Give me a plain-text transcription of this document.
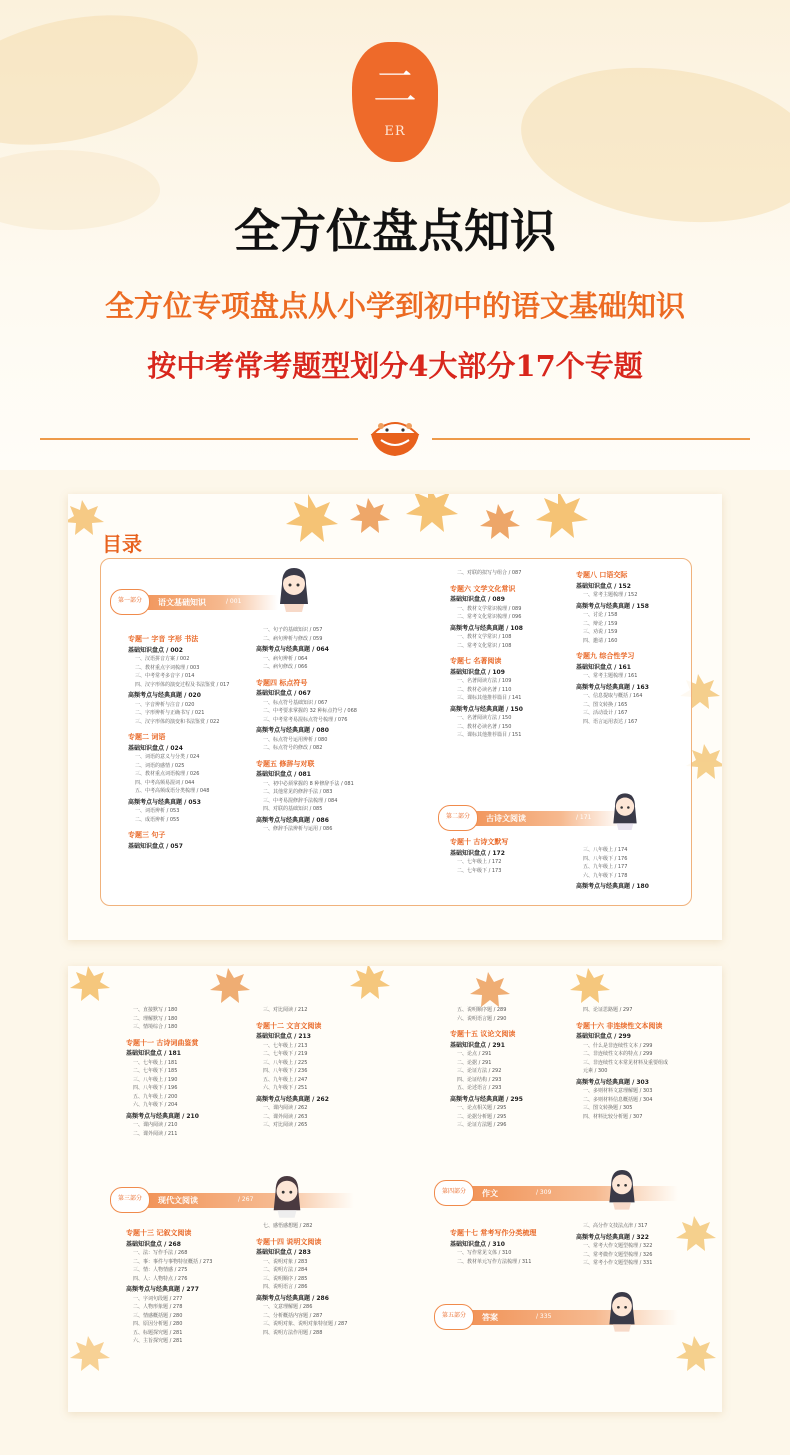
二
ER
全方位盘点知识
全方位专项盘点从小学到初中的语文基础知识
按中考常考题型划分4大部分17个专题
目录
第一部分	语文基础知识	/ 001
专题一 字音 字形 书法
基础知识盘点 / 002
一、汉语拼音方案 / 002
二、教材重点字词梳理 / 003
三、中考常考多音字 / 014
四、汉字形体的演变过程及书法鉴赏 / 017
高频考点与经典真题 / 020
一、字音辨析与注音 / 020
二、字形辨析与正确书写 / 021
三、汉字形体的演变和书法鉴赏 / 022
专题二 词语
基础知识盘点 / 024
一、词语的意义与分类 / 024
二、词语的感情 / 025
三、教材重点词语梳理 / 026
四、中考高频易混词 / 044
五、中考高频成语分类梳理 / 048
高频考点与经典真题 / 053
一、词语辨析 / 053
二、成语辨析 / 055
专题三 句子
基础知识盘点 / 057
一、句子的基础知识 / 057
二、病句辨析与修改 / 059
高频考点与经典真题 / 064
一、病句辨析 / 064
二、病句修改 / 066
专题四 标点符号
基础知识盘点 / 067
一、标点符号基础知识 / 067
二、中考要求掌握的 32 种标点符号 / 068
三、中考常考易混标点符号梳理 / 076
高频考点与经典真题 / 080
一、标点符号运用辨析 / 080
二、标点符号的修改 / 082
专题五 修辞与对联
基础知识盘点 / 081
一、初中必须掌握的 8 种修辞手法 / 081
二、其他常见的修辞手法 / 083
三、中考易混修辞手法梳理 / 084
四、对联的基础知识 / 085
高频考点与经典真题 / 086
一、修辞手法辨析与运用 / 086
二、对联的拟写与组合 / 087
专题六 文学文化常识
基础知识盘点 / 089
一、教材文学常识梳理 / 089
二、常考文化常识梳理 / 096
高频考点与经典真题 / 108
一、教材文学常识 / 108
二、常考文化常识 / 108
专题七 名著阅读
基础知识盘点 / 109
一、名著阅读方法 / 109
二、教材必读名著 / 110
三、课标其他推荐篇目 / 141
高频考点与经典真题 / 150
一、名著阅读方法 / 150
二、教材必读名著 / 150
三、课标其他推荐篇目 / 151
专题八 口语交际
基础知识盘点 / 152
一、常考主题梳理 / 152
高频考点与经典真题 / 158
一、讨论 / 158
二、辩论 / 159
三、劝说 / 159
四、邀请 / 160
专题九 综合性学习
基础知识盘点 / 161
一、常考主题梳理 / 161
高频考点与经典真题 / 163
一、信息提取与概括 / 164
二、图文转换 / 165
三、活动设计 / 167
四、语言运用表达 / 167
第二部分	古诗文阅读	/ 171
专题十 古诗文默写
基础知识盘点 / 172
一、七年级上 / 172
二、七年级下 / 173
三、八年级上 / 174
四、八年级下 / 176
五、九年级上 / 177
六、九年级下 / 178
高频考点与经典真题 / 180
一、直接默写 / 180
二、理解默写 / 180
三、情境综合 / 180
专题十一 古诗词曲鉴赏
基础知识盘点 / 181
一、七年级上 / 181
二、七年级下 / 185
三、八年级上 / 190
四、八年级下 / 196
五、九年级上 / 200
六、九年级下 / 204
高频考点与经典真题 / 210
一、课内阅读 / 210
二、课外阅读 / 211
三、对比阅读 / 212
专题十二 文言文阅读
基础知识盘点 / 213
一、七年级上 / 213
二、七年级下 / 219
三、八年级上 / 225
四、八年级下 / 236
五、九年级上 / 247
六、九年级下 / 251
高频考点与经典真题 / 262
一、课内阅读 / 262
二、课外阅读 / 263
三、对比阅读 / 265
五、说明顺序题 / 289
六、说明语言题 / 290
专题十五 议论文阅读
基础知识盘点 / 291
一、论点 / 291
二、论据 / 291
三、论证方法 / 292
四、论证结构 / 293
五、论述语言 / 293
高频考点与经典真题 / 295
一、论点相关题 / 295
二、论据分析题 / 295
三、论证方法题 / 296
四、论证思路题 / 297
专题十六 非连续性文本阅读
基础知识盘点 / 299
一、什么是非连续性文本 / 299
二、非连续性文本的特点 / 299
三、非连续性文本常见材料及重要组成
元素 / 300
高频考点与经典真题 / 303
一、多则材料文意理解题 / 303
二、多则材料信息概括题 / 304
三、图文转换题 / 305
四、材料比较分析题 / 307
第三部分	现代文阅读	/ 267
第四部分	作文	/ 309
专题十三 记叙文阅读
基础知识盘点 / 268
一、法：写作手法 / 268
二、事：事件与事物特征概括 / 273
三、情：人物情感 / 275
四、人：人物特点 / 276
高频考点与经典真题 / 277
一、字词句段题 / 277
二、人物形象题 / 278
三、情感概括题 / 280
四、原因分析题 / 280
五、标题探究题 / 281
六、主旨探究题 / 281
七、感悟感想题 / 282
专题十四 说明文阅读
基础知识盘点 / 283
一、说明对象 / 283
二、说明方法 / 284
三、说明顺序 / 285
四、说明语言 / 286
高频考点与经典真题 / 286
一、文意理解题 / 286
二、分析概括内容题 / 287
三、说明对象、说明对象特征题 / 287
四、说明方法作用题 / 288
专题十七 常考写作分类梳理
基础知识盘点 / 310
一、写作常见文体 / 310
二、教材单元写作方法梳理 / 311
三、高分作文技法点津 / 317
高频考点与经典真题 / 322
一、常考大作文题型梳理 / 322
二、常考微作文题型梳理 / 326
三、常考小作文题型梳理 / 331
第五部分	答案	/ 335
